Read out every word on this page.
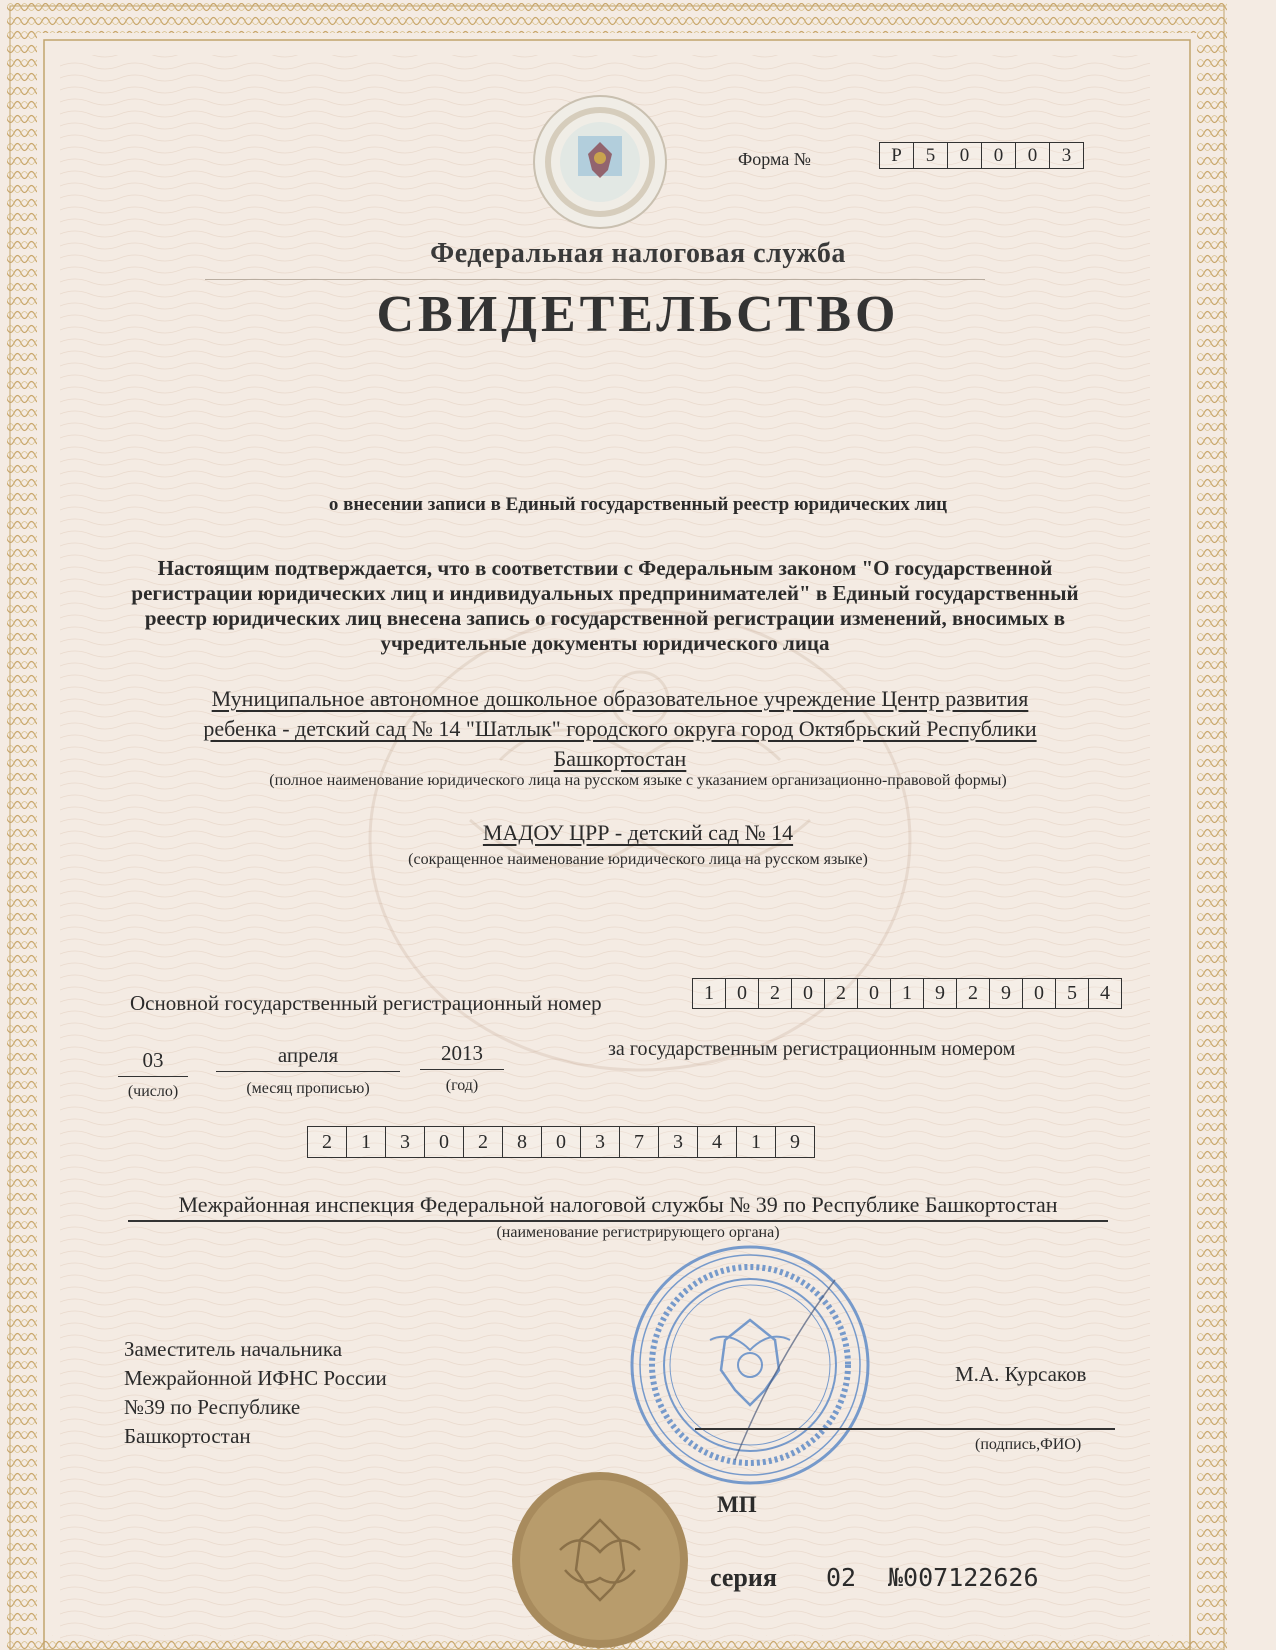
Форма №	Р	5	0	0	0	3
Федеральная налоговая служба
СВИДЕТЕЛЬСТВО
о внесении записи в Единый государственный реестр юридических лиц
Настоящим подтверждается, что в соответствии с Федеральным законом "О государственной регистрации юридических лиц и индивидуальных предпринимателей" в Единый государственный реестр юридических лиц внесена запись о государственной регистрации изменений, вносимых в учредительные документы юридического лица
Муниципальное автономное дошкольное образовательное учреждение Центр развития
ребенка - детский сад № 14 "Шатлык" городского округа город Октябрьский Республики
Башкортостан
(полное наименование юридического лица на русском языке с указанием организационно-правовой формы)
МАДОУ ЦРР - детский сад № 14
(сокращенное наименование юридического лица на русском языке)
Основной государственный регистрационный номер	1	0	2	0	2	0	1	9	2	9	0	5	4
03	апреля	2013
(число)	(месяц прописью)	(год)
за государственным регистрационным номером
2	1	3	0	2	8	0	3	7	3	4	1	9
Межрайонная инспекция Федеральной налоговой службы № 39 по Республике Башкортостан
(наименование регистрирующего органа)
Заместитель начальника
Межрайонной ИФНС России
№39 по Республике
Башкортостан
М.А. Курсаков
(подпись,ФИО)
МП
серия 02 №007122626
